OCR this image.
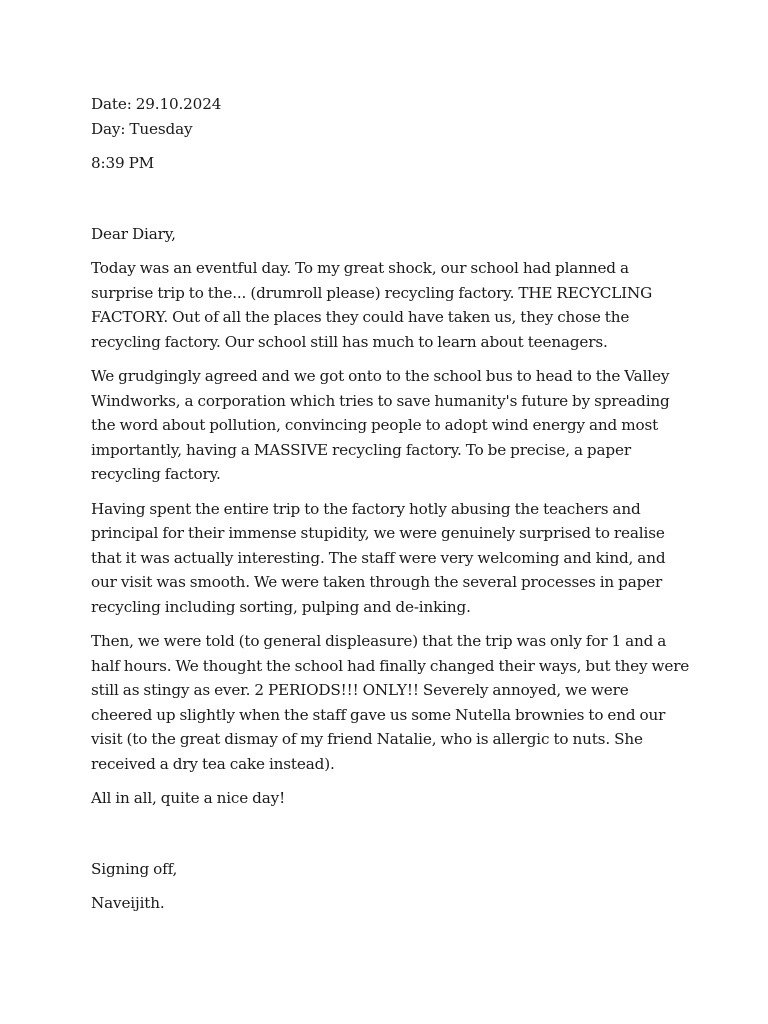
Date: 29.10.2024

Day: Tuesday

8:39 PM

Dear Diary,

Today was an eventful day. To my great shock, our school had planned a surprise trip to the... (drumroll please) recycling factory. THE RECYCLING FACTORY. Out of all the places they could have taken us, they chose the recycling factory. Our school still has much to learn about teenagers.

We grudgingly agreed and we got onto to the school bus to head to the Valley Windworks, a corporation which tries to save humanity's future by spreading the word about pollution, convincing people to adopt wind energy and most importantly, having a MASSIVE recycling factory. To be precise, a paper recycling factory.

Having spent the entire trip to the factory hotly abusing the teachers and principal for their immense stupidity, we were genuinely surprised to realise that it was actually interesting. The staff were very welcoming and kind, and our visit was smooth. We were taken through the several processes in paper recycling including sorting, pulping and de-inking.

Then, we were told (to general displeasure) that the trip was only for 1 and a half hours. We thought the school had finally changed their ways, but they were still as stingy as ever. 2 PERIODS!!! ONLY!! Severely annoyed, we were cheered up slightly when the staff gave us some Nutella brownies to end our visit (to the great dismay of my friend Natalie, who is allergic to nuts. She received a dry tea cake instead).

All in all, quite a nice day!

Signing off,

Naveijith.
